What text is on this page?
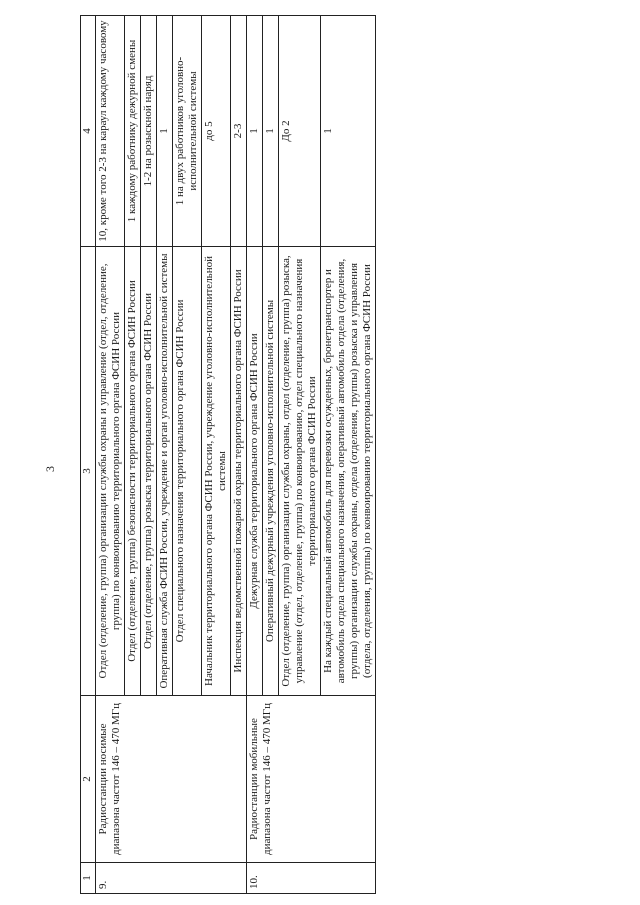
3
1	2	3	4
9.	Радиостанции носимые диапазона частот 146 – 470 МГц	Отдел (отделение, группа) организации службы охраны и управление (отдел, отделение, группа) по конвоированию территориального органа ФСИН России	10, кроме того 2-3 на караул каждому часовому
		Отдел (отделение, группа) безопасности территориального органа ФСИН России	1 каждому работнику дежурной смены
		Отдел (отделение, группа) розыска территориального органа ФСИН России	1-2 на розыскной наряд
		Оперативная служба ФСИН России, учреждение и орган уголовно-исполнительной системы	1
		Отдел специального назначения территориального органа ФСИН России	1 на двух работников уголовно-исполнительной системы
		Начальник территориального органа ФСИН России, учреждение уголовно-исполнительной системы	до 5
		Инспекция ведомственной пожарной охраны территориального органа ФСИН России	2-3
10.	Радиостанции мобильные диапазона частот 146 – 470 МГц	Дежурная служба территориального органа ФСИН России	1
		Оперативный дежурный учреждения уголовно-исполнительной системы	1
		Отдел (отделение, группа) организации службы охраны, отдел (отделение, группа) розыска, управление (отдел, отделение, группа) по конвоированию, отдел специального назначения территориального органа ФСИН России	До 2
		На каждый специальный автомобиль для перевозки осужденных, бронетранспортер и автомобиль отдела специального назначения, оперативный автомобиль отдела (отделения, группы) организации службы охраны, отдела (отделения, группы) розыска и управления (отдела, отделения, группы) по конвоированию территориального органа ФСИН России	1
